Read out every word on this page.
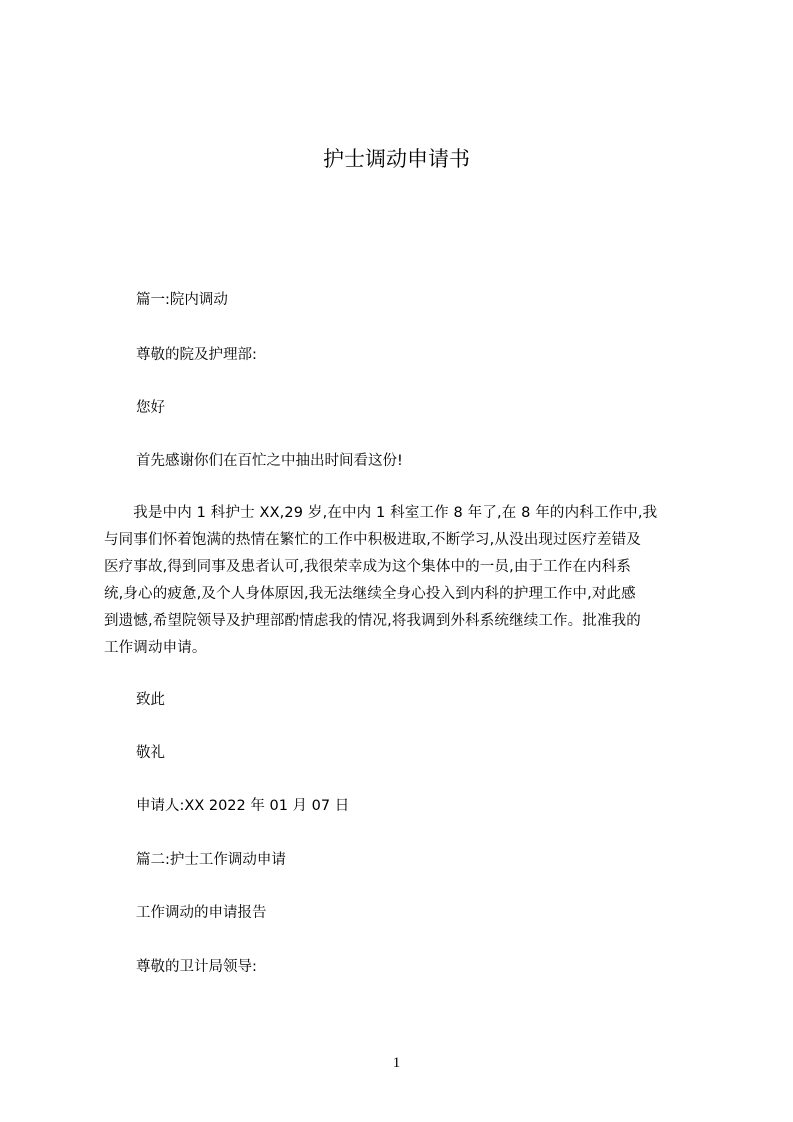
护士调动申请书
篇一:院内调动
尊敬的院及护理部:
您好
首先感谢你们在百忙之中抽出时间看这份!
　　我是中内 1 科护士 XX,29 岁,在中内 1 科室工作 8 年了,在 8 年的内科工作中,我
与同事们怀着饱满的热情在繁忙的工作中积极进取,不断学习,从没出现过医疗差错及
医疗事故,得到同事及患者认可,我很荣幸成为这个集体中的一员,由于工作在内科系
统,身心的疲惫,及个人身体原因,我无法继续全身心投入到内科的护理工作中,对此感
到遗憾,希望院领导及护理部酌情虑我的情况,将我调到外科系统继续工作。批准我的
工作调动申请。
致此
敬礼
申请人:XX 2022 年 01 月 07 日
篇二:护士工作调动申请
工作调动的申请报告
尊敬的卫计局领导:
1
